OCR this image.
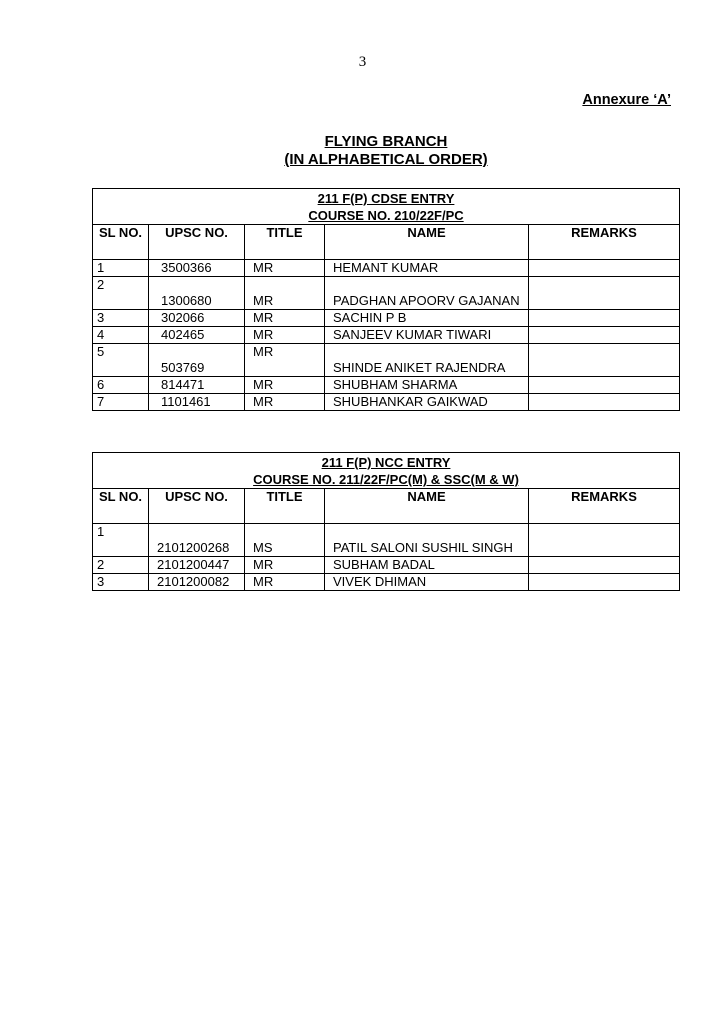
3
Annexure ‘A’
FLYING BRANCH
(IN ALPHABETICAL ORDER)
211 F(P) CDSE ENTRY
COURSE NO. 210/22F/PC				

SL NO.	UPSC NO.	TITLE	NAME	REMARKS
1	3500366	MR	HEMANT KUMAR	
2	1300680	MR	PADGHAN APOORV GAJANAN	
3	302066	MR	SACHIN P B	
4	402465	MR	SANJEEV KUMAR TIWARI	
5	503769	MR	SHINDE ANIKET RAJENDRA	
6	814471	MR	SHUBHAM SHARMA	
7	1101461	MR	SHUBHANKAR GAIKWAD	
211 F(P) NCC ENTRY
COURSE NO. 211/22F/PC(M) & SSC(M & W)				

SL NO.	UPSC NO.	TITLE	NAME	REMARKS
1	2101200268	MS	PATIL SALONI SUSHIL SINGH	
2	2101200447	MR	SUBHAM BADAL	
3	2101200082	MR	VIVEK DHIMAN	
